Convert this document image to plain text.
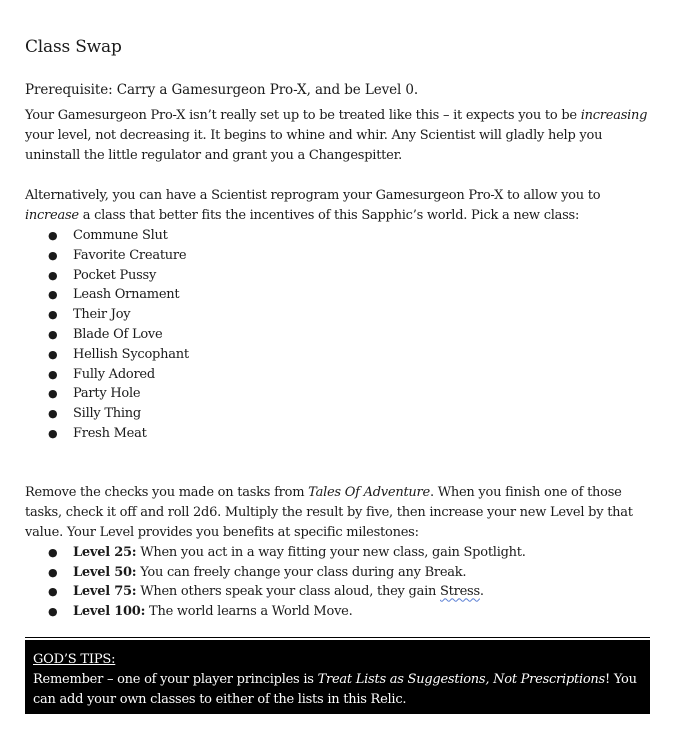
Class Swap
Prerequisite: Carry a Gamesurgeon Pro-X, and be Level 0.

Your Gamesurgeon Pro-X isn’t really set up to be treated like this – it expects you to be increasing your level, not decreasing it. It begins to whine and whir. Any Scientist will gladly help you uninstall the little regulator and grant you a Changespitter.

Alternatively, you can have a Scientist reprogram your Gamesurgeon Pro-X to allow you to increase a class that better fits the incentives of this Sapphic’s world. Pick a new class:

● Commune Slut
● Favorite Creature
● Pocket Pussy
● Leash Ornament
● Their Joy
● Blade Of Love
● Hellish Sycophant
● Fully Adored
● Party Hole
● Silly Thing
● Fresh Meat

Remove the checks you made on tasks from Tales Of Adventure. When you finish one of those tasks, check it off and roll 2d6. Multiply the result by five, then increase your new Level by that value. Your Level provides you benefits at specific milestones:

● Level 25: When you act in a way fitting your new class, gain Spotlight.
● Level 50: You can freely change your class during any Break.
● Level 75: When others speak your class aloud, they gain Stress.
● Level 100: The world learns a World Move.
GOD’S TIPS:
Remember – one of your player principles is Treat Lists as Suggestions, Not Prescriptions! You can add your own classes to either of the lists in this Relic.
